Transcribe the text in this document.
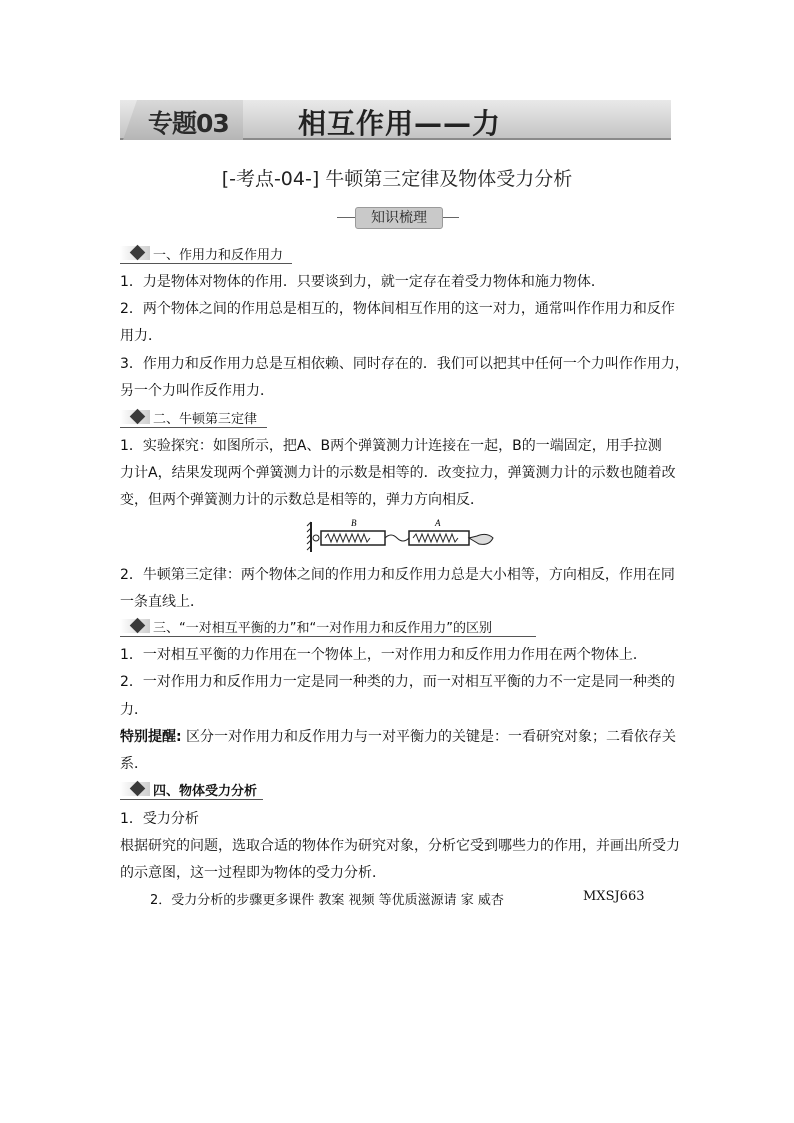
专题03 相互作用——力
[-考点-04-] 牛顿第三定律及物体受力分析
知识梳理
一、作用力和反作用力
1．力是物体对物体的作用．只要谈到力，就一定存在着受力物体和施力物体．
2．两个物体之间的作用总是相互的，物体间相互作用的这一对力，通常叫作作用力和反作
用力．
3．作用力和反作用力总是互相依赖、同时存在的．我们可以把其中任何一个力叫作作用力，
另一个力叫作反作用力．
二、牛顿第三定律
1．实验探究：如图所示，把A、B两个弹簧测力计连接在一起，B的一端固定，用手拉测
力计A，结果发现两个弹簧测力计的示数是相等的．改变拉力，弹簧测力计的示数也随着改
变，但两个弹簧测力计的示数总是相等的，弹力方向相反．
B	A
2．牛顿第三定律：两个物体之间的作用力和反作用力总是大小相等，方向相反，作用在同
一条直线上．
三、“一对相互平衡的力”和“一对作用力和反作用力”的区别
1．一对相互平衡的力作用在一个物体上，一对作用力和反作用力作用在两个物体上．
2．一对作用力和反作用力一定是同一种类的力，而一对相互平衡的力不一定是同一种类的
力．
特别提醒: 区分一对作用力和反作用力与一对平衡力的关键是：一看研究对象；二看依存关
系．
四、物体受力分析
1．受力分析
根据研究的问题，选取合适的物体作为研究对象，分析它受到哪些力的作用，并画出所受力
的示意图，这一过程即为物体的受力分析．
2．受力分析的步骤更多课件 教案 视频 等优质滋源请 家 威杏	MXSJ663
